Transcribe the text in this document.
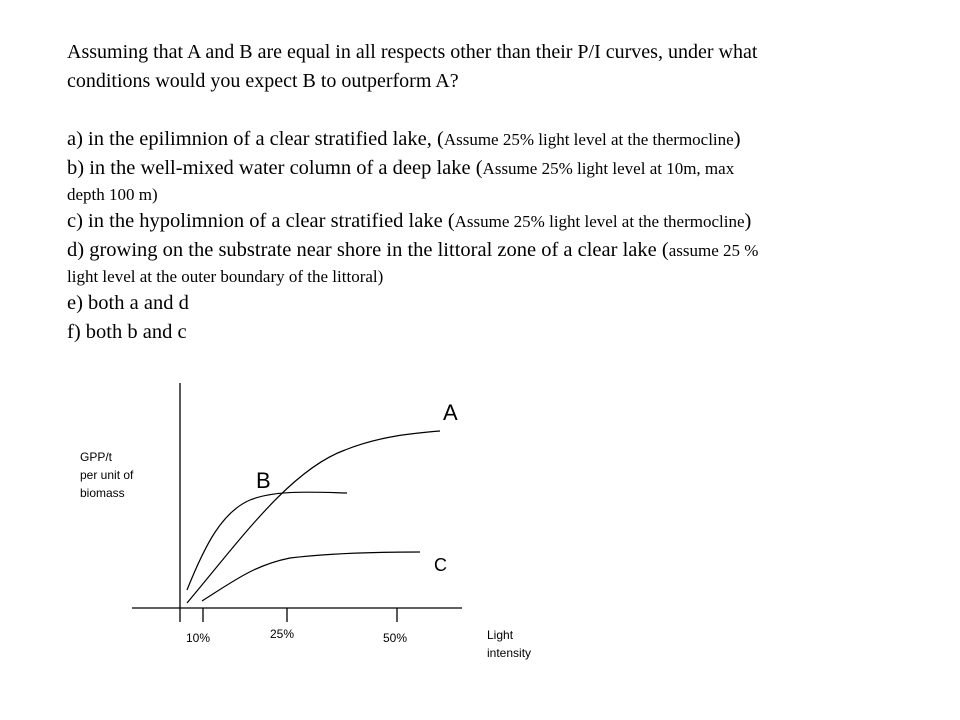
Assuming that A and B are equal in all respects other than their P/I curves, under what
conditions would you expect B to outperform A?
a) in the epilimnion of a clear stratified lake, (Assume 25% light level at the thermocline)
b) in the well-mixed water column of a deep lake (Assume 25% light level at 10m, max
depth 100 m)
c) in the hypolimnion of a clear stratified lake (Assume 25% light level at the thermocline)
d) growing on the substrate near shore in the littoral zone of a clear lake (assume 25 %
light level at the outer boundary of the littoral)
e) both a and d
f) both b and c
A
B
C
GPP/t
per unit of
biomass
10%	25%	50%	Light
intensity
